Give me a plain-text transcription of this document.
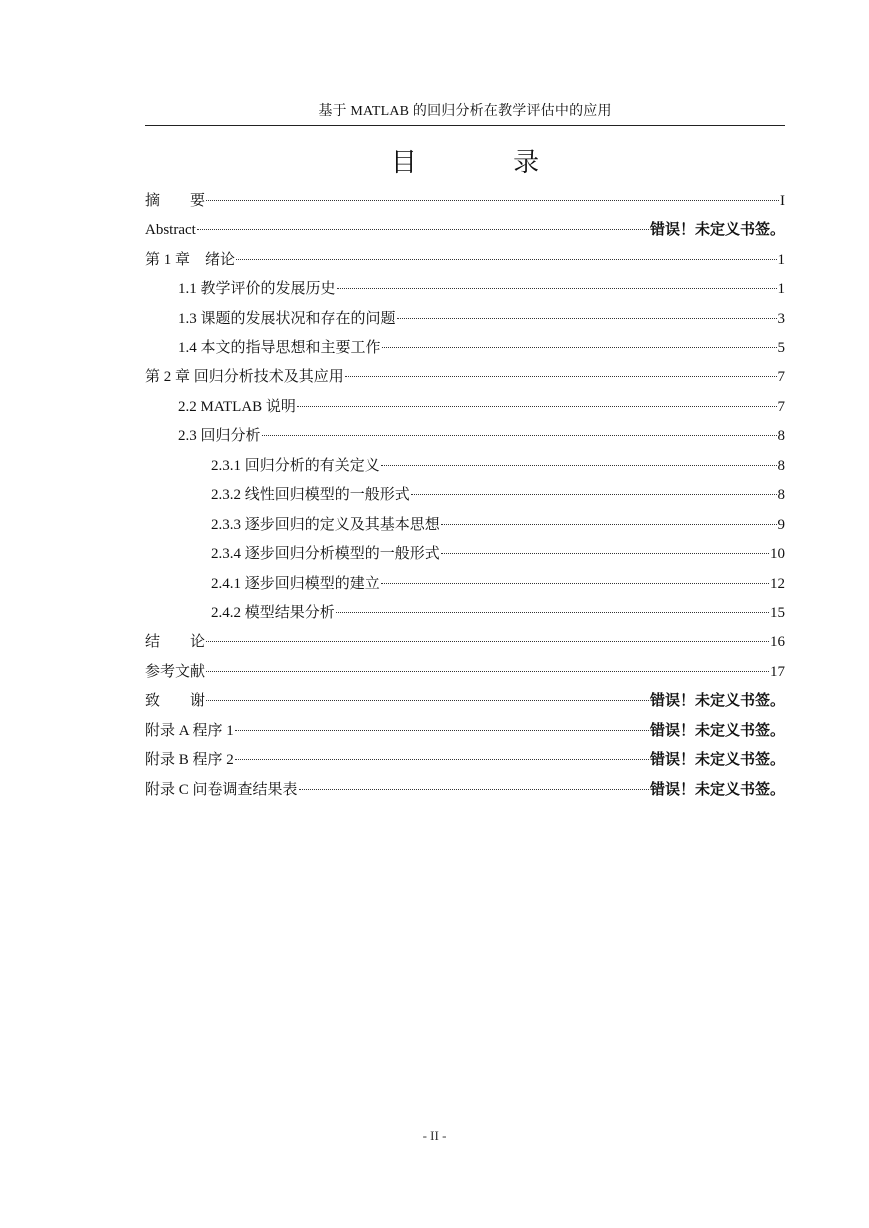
基于 MATLAB 的回归分析在教学评估中的应用
目 录
摘　　要	I
Abstract	错误！未定义书签。
第 1 章　绪论	1
1.1 教学评价的发展历史	1
1.3 课题的发展状况和存在的问题	3
1.4 本文的指导思想和主要工作	5
第 2 章 回归分析技术及其应用	7
2.2 MATLAB 说明	7
2.3 回归分析	8
2.3.1 回归分析的有关定义	8
2.3.2 线性回归模型的一般形式	8
2.3.3 逐步回归的定义及其基本思想	9
2.3.4 逐步回归分析模型的一般形式	10
2.4.1 逐步回归模型的建立	12
2.4.2 模型结果分析	15
结　　论	16
参考文献	17
致　　谢	错误！未定义书签。
附录 A 程序 1	错误！未定义书签。
附录 B 程序 2	错误！未定义书签。
附录 C 问卷调查结果表	错误！未定义书签。
- II -
